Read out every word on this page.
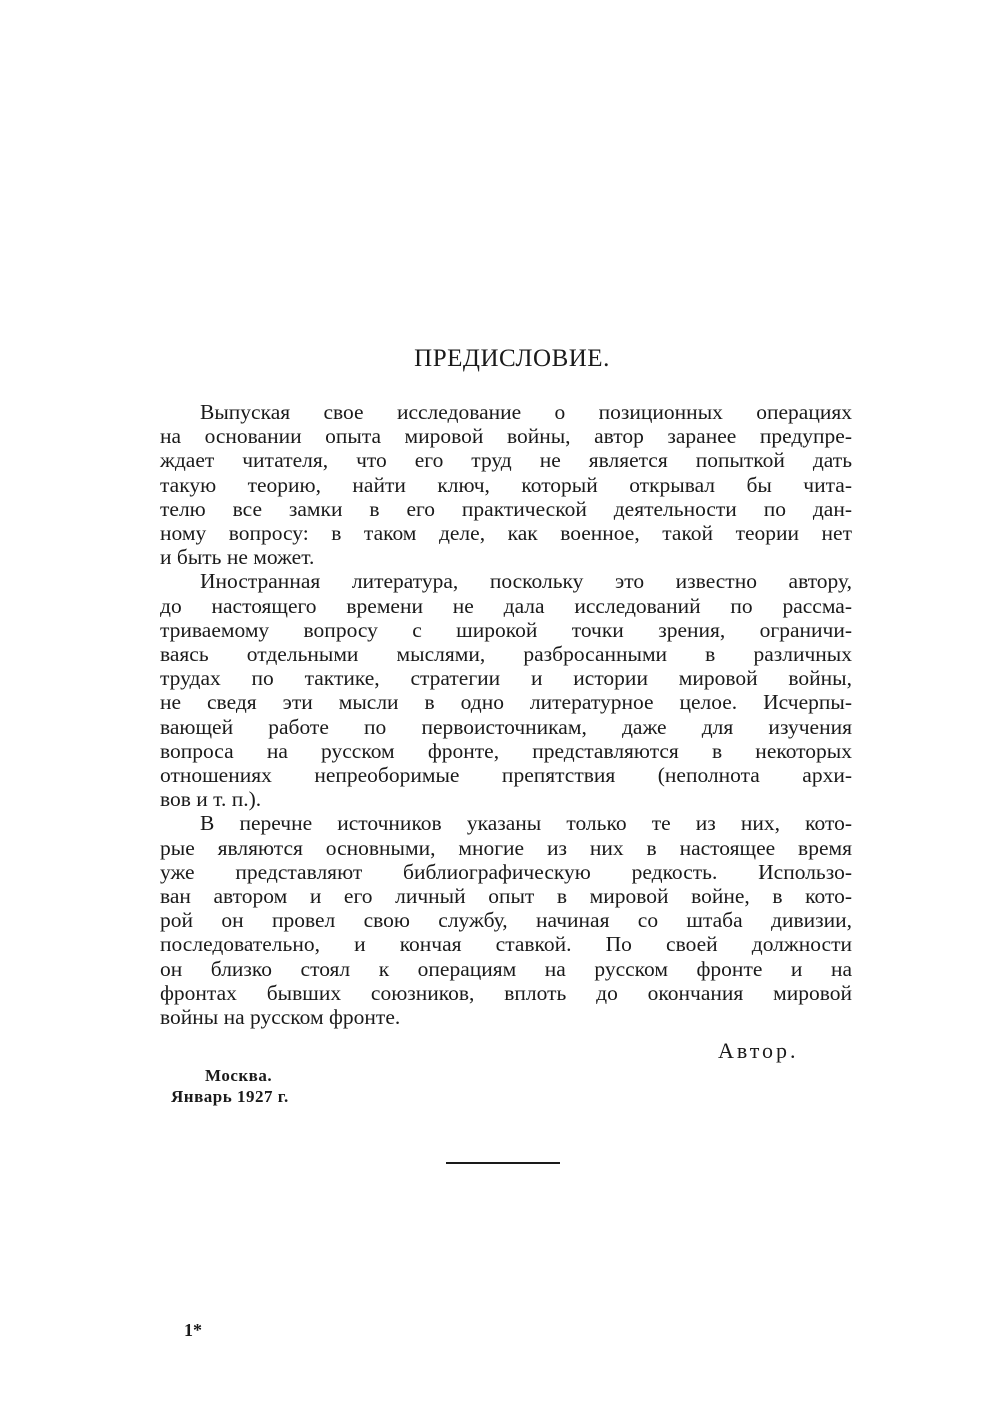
ПРЕДИСЛОВИЕ.
Выпуская свое исследование о позиционных операциях
на основании опыта мировой войны, автор заранее предупре-
ждает читателя, что его труд не является попыткой дать
такую теорию, найти ключ, который открывал бы чита-
телю все замки в его практической деятельности по дан-
ному вопросу: в таком деле, как военное, такой теории нет
и быть не может.
Иностранная литература, поскольку это известно автору,
до настоящего времени не дала исследований по рассма-
триваемому вопросу с широкой точки зрения, ограничи-
ваясь отдельными мыслями, разбросанными в различных
трудах по тактике, стратегии и истории мировой войны,
не сведя эти мысли в одно литературное целое. Исчерпы-
вающей работе по первоисточникам, даже для изучения
вопроса на русском фронте, представляются в некоторых
отношениях непреоборимые препятствия (неполнота архи-
вов и т. п.).
В перечне источников указаны только те из них, кото-
рые являются основными, многие из них в настоящее время
уже представляют библиографическую редкость. Использо-
ван автором и его личный опыт в мировой войне, в кото-
рой он провел свою службу, начиная со штаба дивизии,
последовательно, и кончая ставкой. По своей должности
он близко стоял к операциям на русском фронте и на
фронтах бывших союзников, вплоть до окончания мировой
войны на русском фронте.
Автор.
Москва.
Январь 1927 г.
1*
